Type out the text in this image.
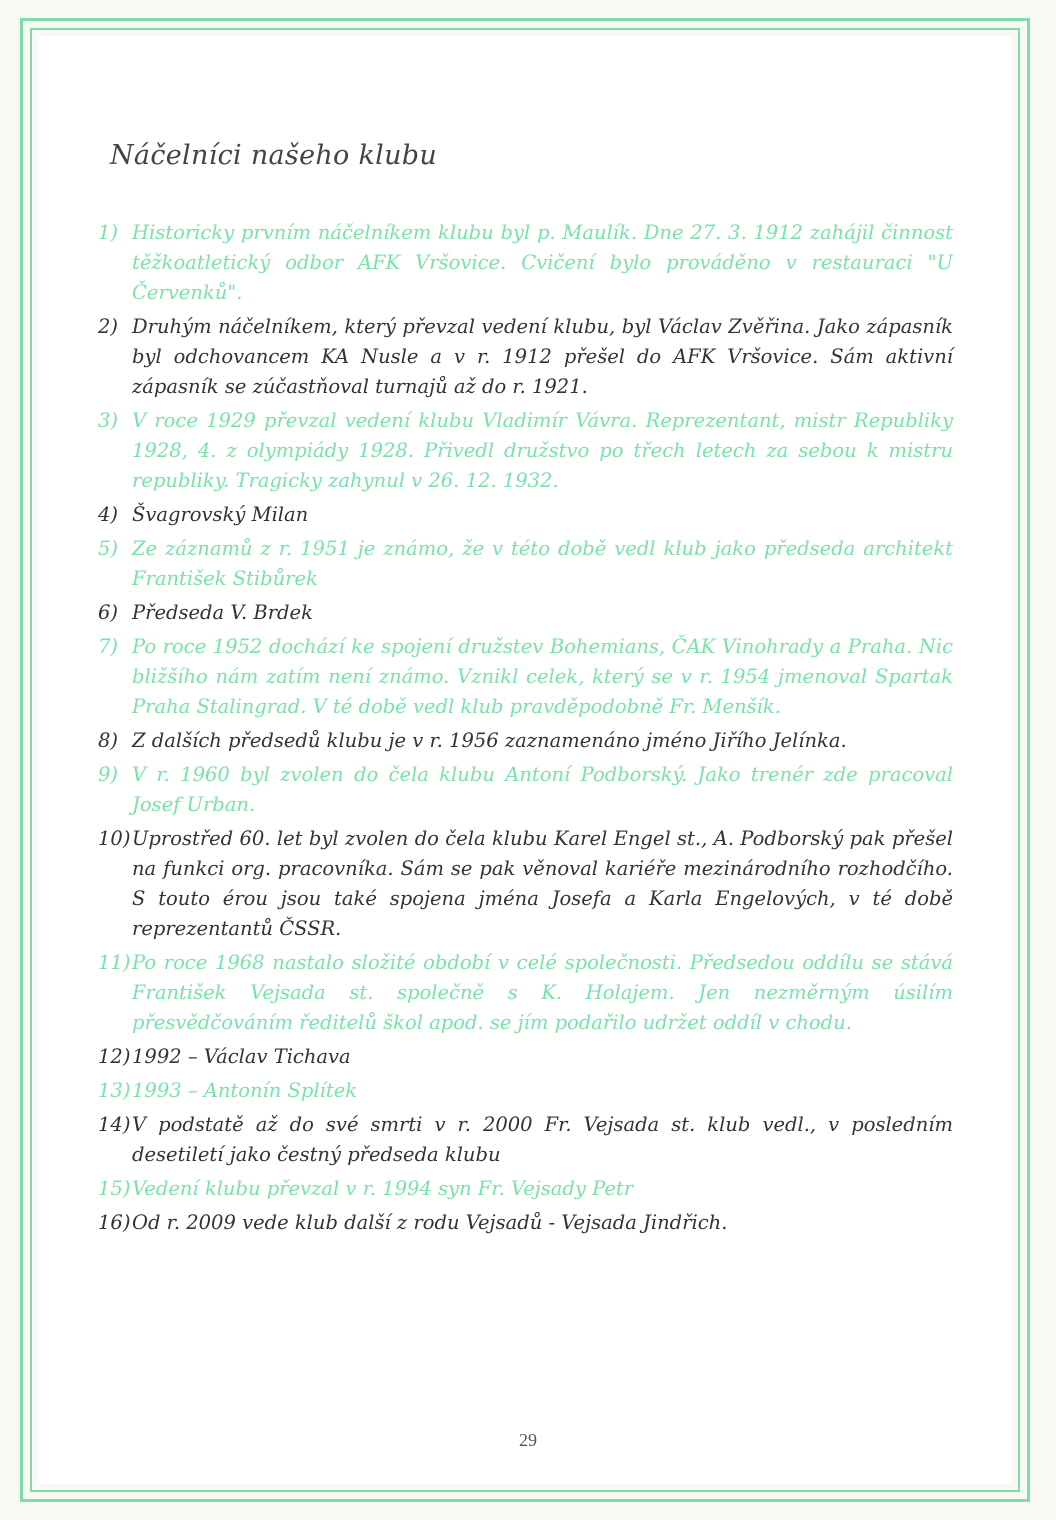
Náčelníci našeho klubu
1) Historicky prvním náčelníkem klubu byl p. Maulík. Dne 27. 3. 1912 zahájil činnost těžkoatletický odbor AFK Vršovice. Cvičení bylo prováděno v restauraci "U Červenků".
2) Druhým náčelníkem, který převzal vedení klubu, byl Václav Zvěřina. Jako zápasník byl odchovancem KA Nusle a v r. 1912 přešel do AFK Vršovice. Sám aktivní zápasník se zúčastňoval turnajů až do r. 1921.
3) V roce 1929 převzal vedení klubu Vladimír Vávra. Reprezentant, mistr Republiky 1928, 4. z olympiády 1928. Přivedl družstvo po třech letech za sebou k mistru republiky. Tragicky zahynul v 26. 12. 1932.
4) Švagrovský Milan
5) Ze záznamů z r. 1951 je známo, že v této době vedl klub jako předseda architekt František Stibůrek
6) Předseda V. Brdek
7) Po roce 1952 dochází ke spojení družstev Bohemians, ČAK Vinohrady a Praha. Nic bližšího nám zatím není známo. Vznikl celek, který se v r. 1954 jmenoval Spartak Praha Stalingrad. V té době vedl klub pravděpodobně Fr. Menšík.
8) Z dalších předsedů klubu je v r. 1956 zaznamenáno jméno Jiřího Jelínka.
9) V r. 1960 byl zvolen do čela klubu Antoní Podborský. Jako trenér zde pracoval Josef Urban.
10) Uprostřed 60. let byl zvolen do čela klubu Karel Engel st., A. Podborský pak přešel na funkci org. pracovníka. Sám se pak věnoval kariéře mezinárodního rozhodčího. S touto érou jsou také spojena jména Josefa a Karla Engelových, v té době reprezentantů ČSSR.
11) Po roce 1968 nastalo složité období v celé společnosti. Předsedou oddílu se stává František Vejsada st. společně s K. Holajem. Jen nezměrným úsilím přesvědčováním ředitelů škol apod. se jím podařilo udržet oddíl v chodu.
12) 1992 – Václav Tichava
13) 1993 – Antonín Splítek
14) V podstatě až do své smrti v r. 2000 Fr. Vejsada st. klub vedl., v posledním desetiletí jako čestný předseda klubu
15) Vedení klubu převzal v r. 1994 syn Fr. Vejsady Petr
16) Od r. 2009 vede klub další z rodu Vejsadů - Vejsada Jindřich.
29
